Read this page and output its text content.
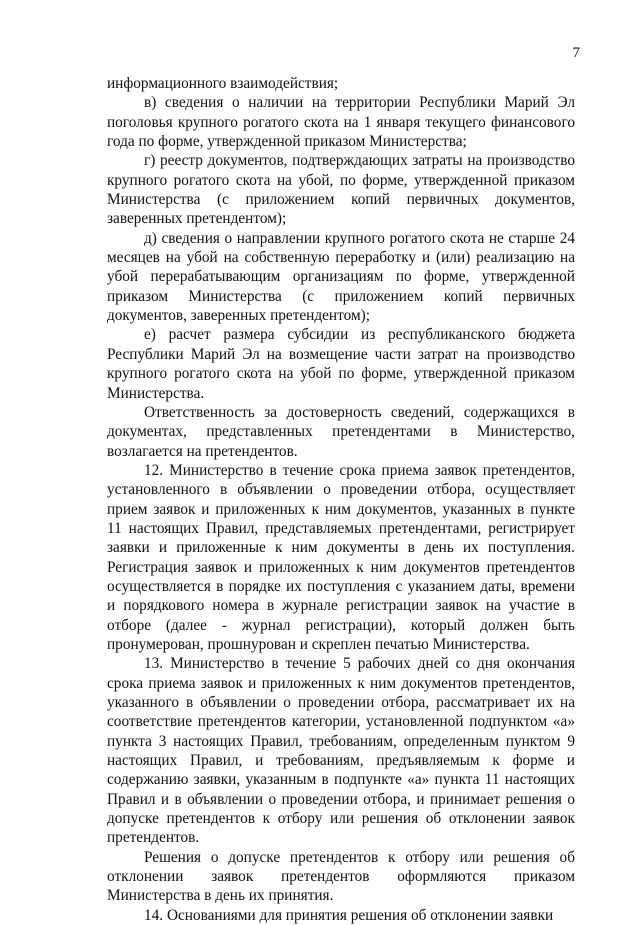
7

информационного взаимодействия;

в) сведения о наличии на территории Республики Марий Эл поголовья крупного рогатого скота на 1 января текущего финансового года по форме, утвержденной приказом Министерства;

г) реестр документов, подтверждающих затраты на производство крупного рогатого скота на убой, по форме, утвержденной приказом Министерства (с приложением копий первичных документов, заверенных претендентом);

д) сведения о направлении крупного рогатого скота не старше 24 месяцев на убой на собственную переработку и (или) реализацию на убой перерабатывающим организациям по форме, утвержденной приказом Министерства (с приложением копий первичных документов, заверенных претендентом);

е) расчет размера субсидии из республиканского бюджета Республики Марий Эл на возмещение части затрат на производство крупного рогатого скота на убой по форме, утвержденной приказом Министерства.

Ответственность за достоверность сведений, содержащихся в документах, представленных претендентами в Министерство, возлагается на претендентов.

12. Министерство в течение срока приема заявок претендентов, установленного в объявлении о проведении отбора, осуществляет прием заявок и приложенных к ним документов, указанных в пункте 11 настоящих Правил, представляемых претендентами, регистрирует заявки и приложенные к ним документы в день их поступления. Регистрация заявок и приложенных к ним документов претендентов осуществляется в порядке их поступления с указанием даты, времени и порядкового номера в журнале регистрации заявок на участие в отборе (далее - журнал регистрации), который должен быть пронумерован, прошнурован и скреплен печатью Министерства.

13. Министерство в течение 5 рабочих дней со дня окончания срока приема заявок и приложенных к ним документов претендентов, указанного в объявлении о проведении отбора, рассматривает их на соответствие претендентов категории, установленной подпунктом «а» пункта 3 настоящих Правил, требованиям, определенным пунктом 9 настоящих Правил, и требованиям, предъявляемым к форме и содержанию заявки, указанным в подпункте «а» пункта 11 настоящих Правил и в объявлении о проведении отбора, и принимает решения о допуске претендентов к отбору или решения об отклонении заявок претендентов.

Решения о допуске претендентов к отбору или решения об отклонении заявок претендентов оформляются приказом Министерства в день их принятия.

14. Основаниями для принятия решения об отклонении заявки
